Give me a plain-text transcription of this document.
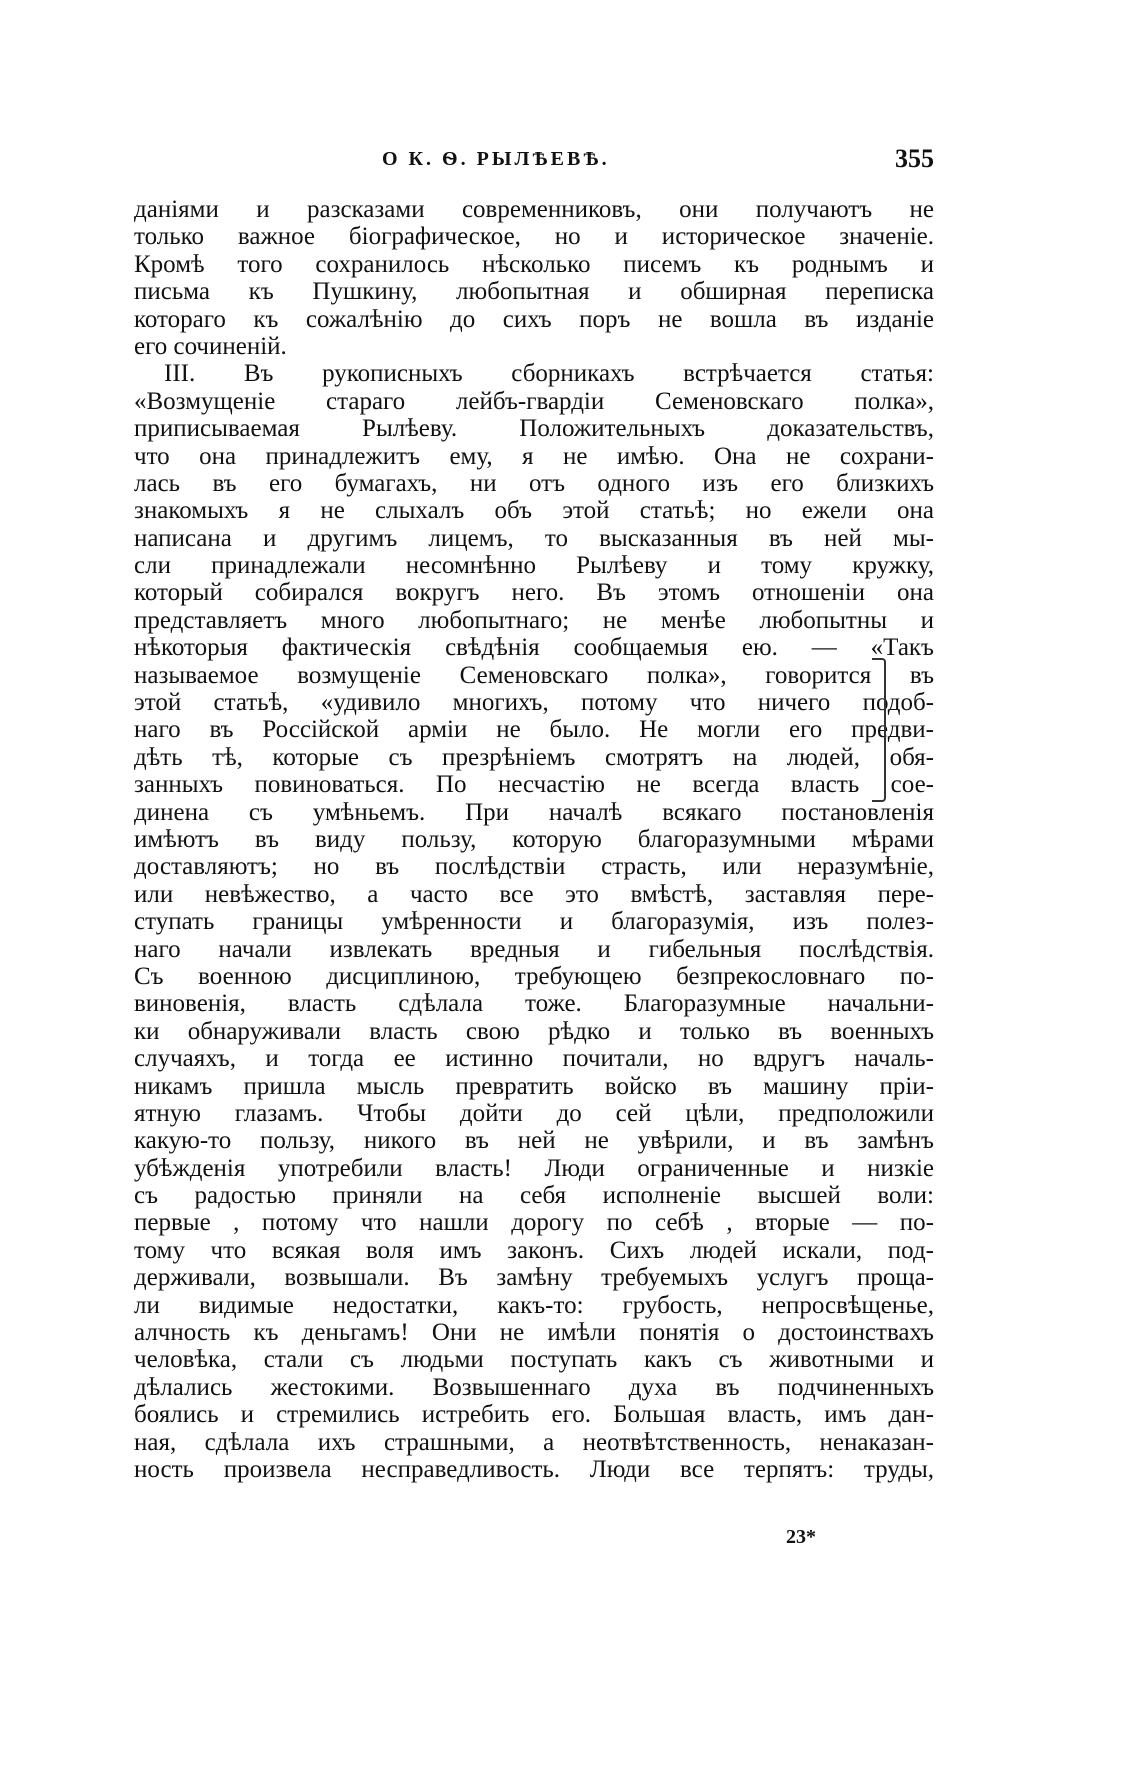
О К. Ѳ. РЫЛѢЕВѢ.	355
даніями и разсказами современниковъ, они получаютъ не
только важное біографическое, но и историческое значеніе.
Кромѣ того сохранилось нѣсколько писемъ къ роднымъ и
письма къ Пушкину, любопытная и обширная переписка
котораго къ сожалѣнію до сихъ поръ не вошла въ изданіе
его сочиненій.
III. Въ рукописныхъ сборникахъ встрѣчается статья:
«Возмущеніе стараго лейбъ-гвардіи Семеновскаго полка»,
приписываемая Рылѣеву. Положительныхъ доказательствъ,
что она принадлежитъ ему, я не имѣю. Она не сохрани-
лась въ его бумагахъ, ни отъ одного изъ его близкихъ
знакомыхъ я не слыхалъ объ этой статьѣ; но ежели она
написана и другимъ лицемъ, то высказанныя въ ней мы-
сли принадлежали несомнѣнно Рылѣеву и тому кружку,
который собирался вокругъ него. Въ этомъ отношеніи она
представляетъ много любопытнаго; не менѣе любопытны и
нѣкоторыя фактическія свѣдѣнія сообщаемыя ею. — «Такъ
называемое возмущеніе Семеновскаго полка», говорится въ
этой статьѣ, «удивило многихъ, потому что ничего подоб-
наго въ Россійской арміи не было. Не могли его предви-
дѣть тѣ, которые съ презрѣніемъ смотрятъ на людей, обя-
занныхъ повиноваться. По несчастію не всегда власть сое-
динена съ умѣньемъ. При началѣ всякаго постановленія
имѣютъ въ виду пользу, которую благоразумными мѣрами
доставляютъ; но въ послѣдствіи страсть, или неразумѣніе,
или невѣжество, а часто все это вмѣстѣ, заставляя пере-
ступать границы умѣренности и благоразумія, изъ полез-
наго начали извлекать вредныя и гибельныя послѣдствія.
Съ военною дисциплиною, требующею безпрекословнаго по-
виновенія, власть сдѣлала тоже. Благоразумные начальни-
ки обнаруживали власть свою рѣдко и только въ военныхъ
случаяхъ, и тогда ее истинно почитали, но вдругъ началь-
никамъ пришла мысль превратить войско въ машину пріи-
ятную глазамъ. Чтобы дойти до сей цѣли, предположили
какую-то пользу, никого въ ней не увѣрили, и въ замѣнъ
убѣжденія употребили власть! Люди ограниченные и низкіе
съ радостью приняли на себя исполненіе высшей воли:
первые , потому что нашли дорогу по себѣ , вторые — по-
тому что всякая воля имъ законъ. Сихъ людей искали, под-
держивали, возвышали. Въ замѣну требуемыхъ услугъ проща-
ли видимые недостатки, какъ-то: грубость, непросвѣщенье,
алчность къ деньгамъ! Они не имѣли понятія о достоинствахъ
человѣка, стали съ людьми поступать какъ съ животными и
дѣлались жестокими. Возвышеннаго духа въ подчиненныхъ
боялись и стремились истребить его. Большая власть, имъ дан-
ная, сдѣлала ихъ страшными, а неотвѣтственность, ненаказан-
ность произвела несправедливость. Люди все терпятъ: труды,
23*
